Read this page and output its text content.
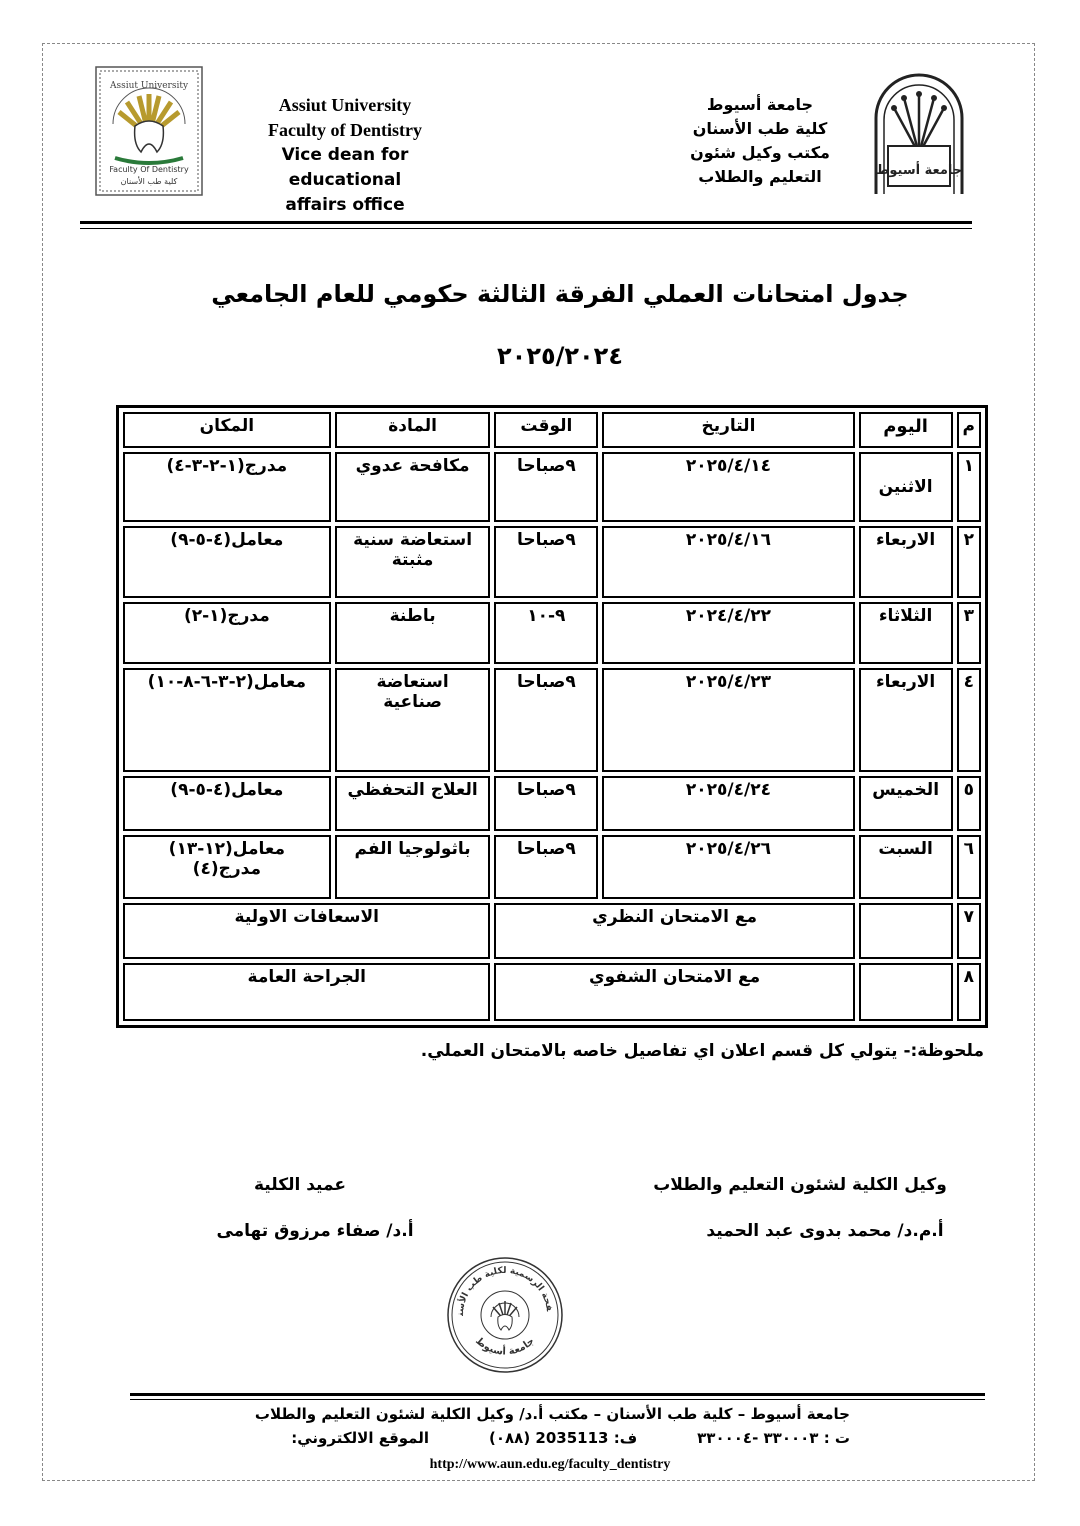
Assiut University
Faculty Of Dentistry
كلية طب الأسنان
Assiut University
Faculty of Dentistry
Vice dean for educational
affairs office
جامعة أسيوط
كلية طب الأسنان
مكتب وكيل شئون
التعليم والطلاب	جامعة أسيوط
جدول امتحانات العملي الفرقة الثالثة حكومي للعام الجامعي
٢٠٢٥/٢٠٢٤
م	اليوم	التاريخ	الوقت	المادة	المكان
١	الاثنين	٢٠٢٥/٤/١٤	٩صباحا	مكافحة عدوي	مدرج(١-٢-٣-٤)
٢	الاربعاء	٢٠٢٥/٤/١٦	٩صباحا	استعاضة سنية مثبتة	معامل(٤-٥-٩)
٣	الثلاثاء	٢٠٢٤/٤/٢٢	٩-١٠	باطنة	مدرج(١-٢)
٤	الاربعاء	٢٠٢٥/٤/٢٣	٩صباحا	استعاضة صناعية	معامل(٢-٣-٦-٨-١٠)
٥	الخميس	٢٠٢٥/٤/٢٤	٩صباحا	العلاج التحفظي	معامل(٤-٥-٩)
٦	السبت	٢٠٢٥/٤/٢٦	٩صباحا	باثولوجيا الفم	معامل(١٢-١٣)
مدرج(٤)

٧		مع الامتحان النظري		الاسعافات الاولية	
٨		مع الامتحان الشفوي		الجراحة العامة	
ملحوظة:- يتولي كل قسم اعلان اي تفاصيل خاصه بالامتحان العملي.
وكيل الكلية لشئون التعليم والطلاب
أ.م.د/ محمد بدوى عبد الحميد
عميد الكلية
أ.د/ صفاء مرزوق تهامى
فحة الرسمية لكلية طب الأسنان
جامعة أسيوط
جامعة أسيوط – كلية طب الأسنان – مكتب أ.د/ وكيل الكلية لشئون التعليم والطلاب
ت : ٣٣٠٠٠٣ -٣٣٠٠٠٤
ف: 2035113 (٠٨٨)
الموقع الالكتروني:
http://www.aun.edu.eg/faculty_dentistry
